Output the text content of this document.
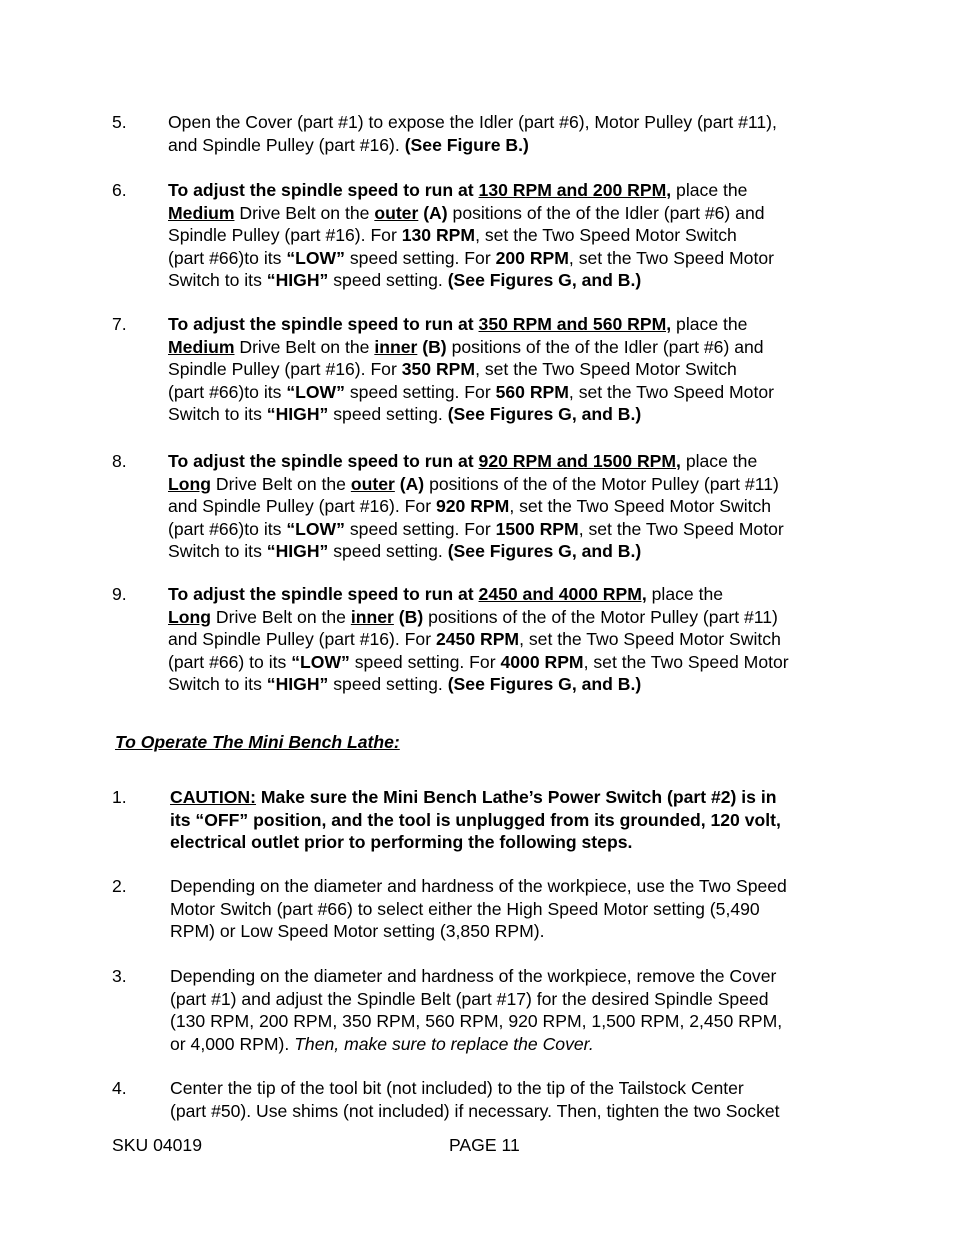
5. Open the Cover (part #1) to expose the Idler (part #6), Motor Pulley (part #11),
and Spindle Pulley (part #16). (See Figure B.)
6. To adjust the spindle speed to run at 130 RPM and 200 RPM, place the
Medium Drive Belt on the outer (A) positions of the of the Idler (part #6) and
Spindle Pulley (part #16). For 130 RPM, set the Two Speed Motor Switch
(part #66)to its “LOW” speed setting. For 200 RPM, set the Two Speed Motor
Switch to its “HIGH” speed setting. (See Figures G, and B.)
7. To adjust the spindle speed to run at 350 RPM and 560 RPM, place the
Medium Drive Belt on the inner (B) positions of the of the Idler (part #6) and
Spindle Pulley (part #16). For 350 RPM, set the Two Speed Motor Switch
(part #66)to its “LOW” speed setting. For 560 RPM, set the Two Speed Motor
Switch to its “HIGH” speed setting. (See Figures G, and B.)
8. To adjust the spindle speed to run at 920 RPM and 1500 RPM, place the
Long Drive Belt on the outer (A) positions of the of the Motor Pulley (part #11)
and Spindle Pulley (part #16). For 920 RPM, set the Two Speed Motor Switch
(part #66)to its “LOW” speed setting. For 1500 RPM, set the Two Speed Motor
Switch to its “HIGH” speed setting. (See Figures G, and B.)
9. To adjust the spindle speed to run at 2450 and 4000 RPM, place the
Long Drive Belt on the inner (B) positions of the of the Motor Pulley (part #11)
and Spindle Pulley (part #16). For 2450 RPM, set the Two Speed Motor Switch
(part #66) to its “LOW” speed setting. For 4000 RPM, set the Two Speed Motor
Switch to its “HIGH” speed setting. (See Figures G, and B.)
To Operate The Mini Bench Lathe:
1. CAUTION: Make sure the Mini Bench Lathe’s Power Switch (part #2) is in
its “OFF” position, and the tool is unplugged from its grounded, 120 volt,
electrical outlet prior to performing the following steps.
2. Depending on the diameter and hardness of the workpiece, use the Two Speed
Motor Switch (part #66) to select either the High Speed Motor setting (5,490
RPM) or Low Speed Motor setting (3,850 RPM).
3. Depending on the diameter and hardness of the workpiece, remove the Cover
(part #1) and adjust the Spindle Belt (part #17) for the desired Spindle Speed
(130 RPM, 200 RPM, 350 RPM, 560 RPM, 920 RPM, 1,500 RPM, 2,450 RPM,
or 4,000 RPM). Then, make sure to replace the Cover.
4. Center the tip of the tool bit (not included) to the tip of the Tailstock Center
(part #50). Use shims (not included) if necessary. Then, tighten the two Socket
SKU 04019	PAGE 11
